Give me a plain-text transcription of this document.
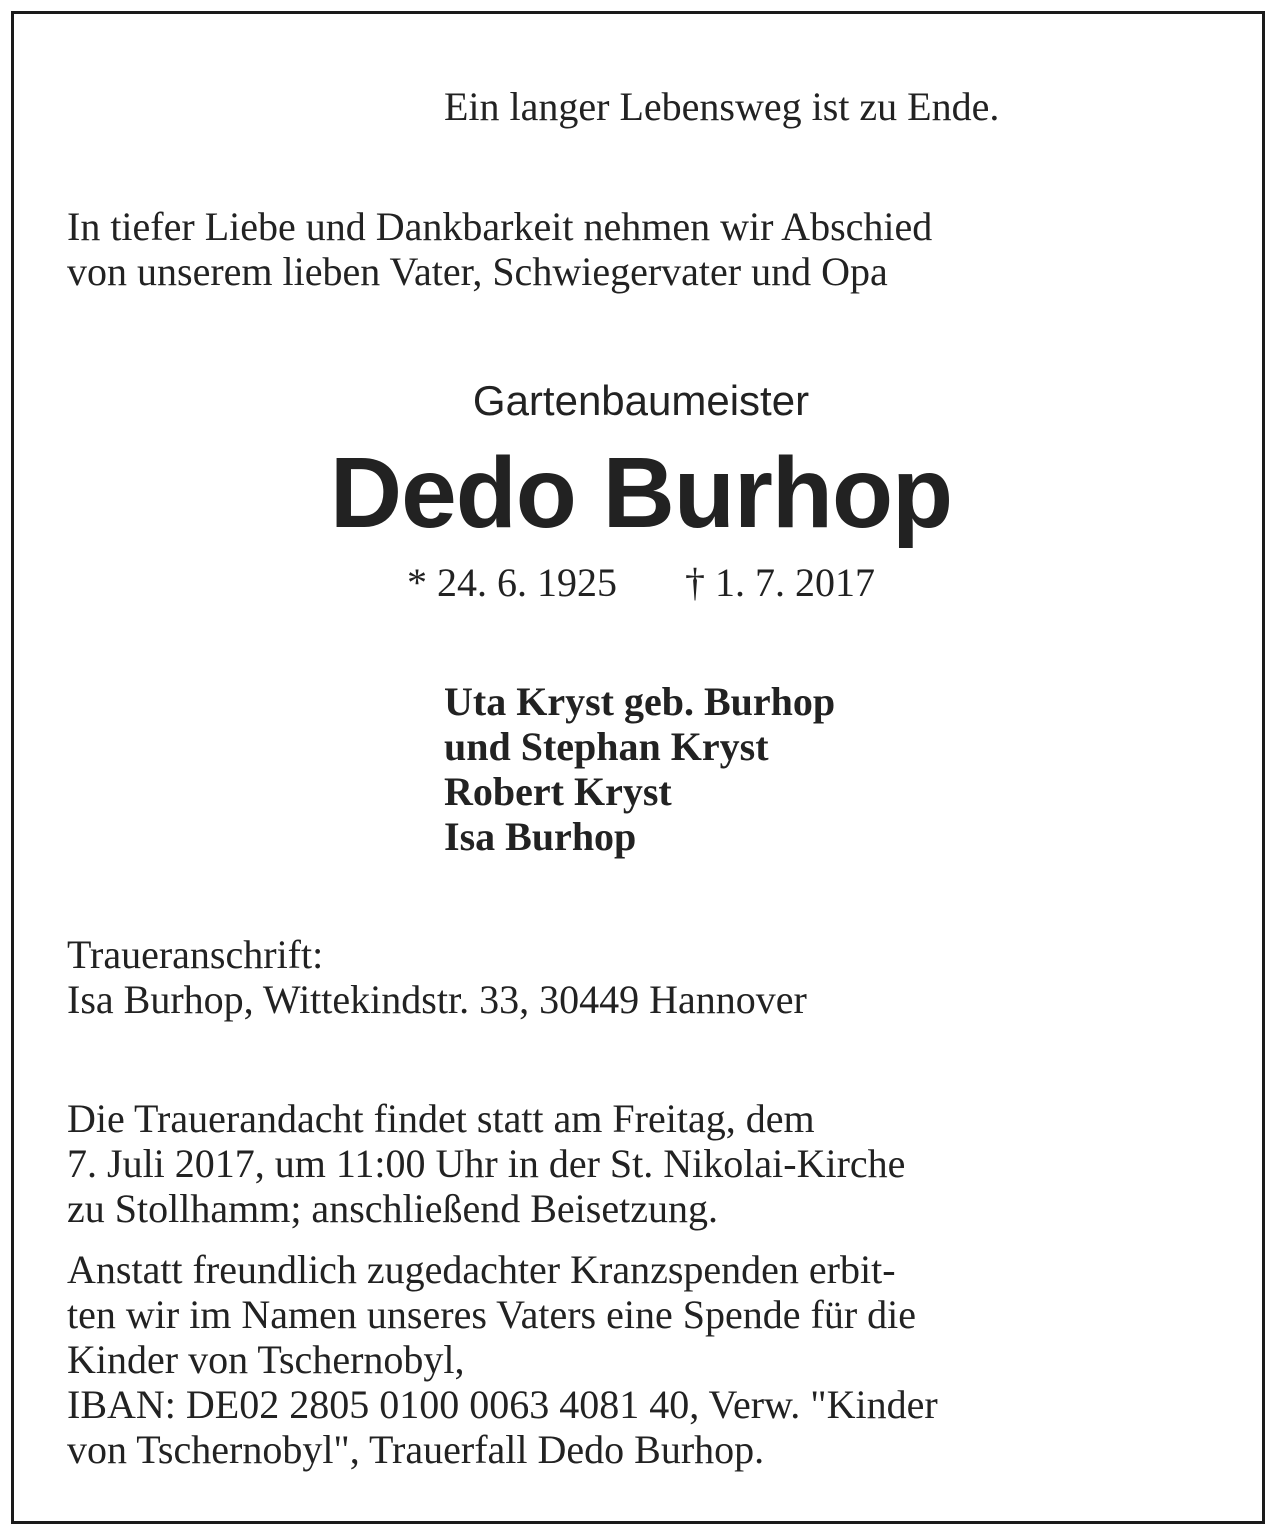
Ein langer Lebensweg ist zu Ende.

In tiefer Liebe und Dankbarkeit nehmen wir Abschied
von unserem lieben Vater, Schwiegervater und Opa

Gartenbaumeister

Dedo Burhop

* 24. 6. 1925 † 1. 7. 2017

Uta Kryst geb. Burhop
und Stephan Kryst
Robert Kryst
Isa Burhop
Traueranschrift:
Isa Burhop, Wittekindstr. 33, 30449 Hannover
Die Trauerandacht findet statt am Freitag, dem
7. Juli 2017, um 11:00 Uhr in der St. Nikolai-Kirche
zu Stollhamm; anschließend Beisetzung.
Anstatt freundlich zugedachter Kranzspenden erbit-
ten wir im Namen unseres Vaters eine Spende für die
Kinder von Tschernobyl,
IBAN: DE02 2805 0100 0063 4081 40, Verw. "Kinder
von Tschernobyl", Trauerfall Dedo Burhop.
